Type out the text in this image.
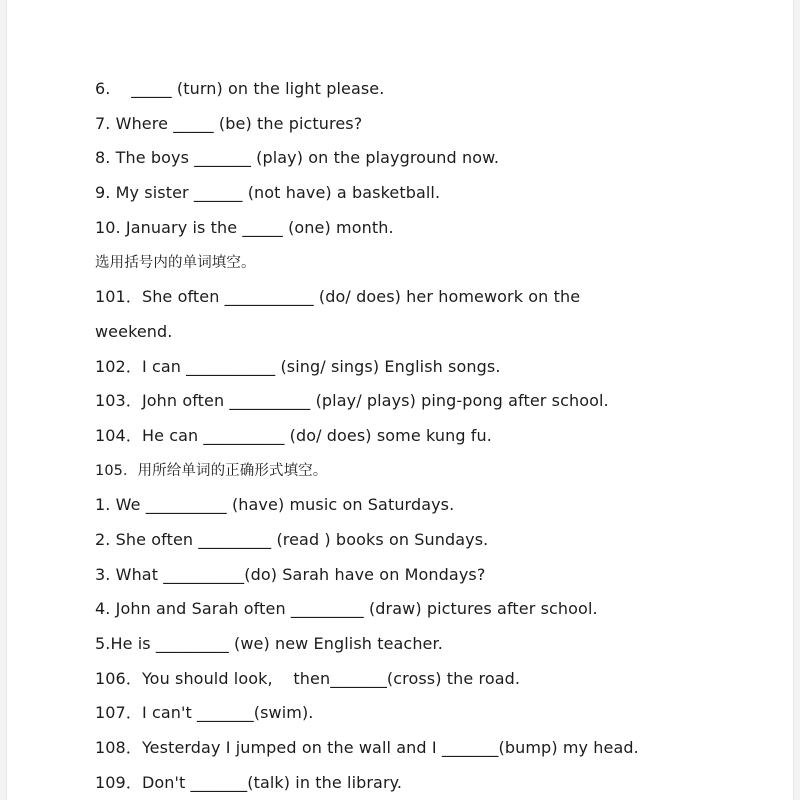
6.    _____ (turn) on the light please.
7. Where _____ (be) the pictures?
8. The boys _______ (play) on the playground now.
9. My sister ______ (not have) a basketball.
10. January is the _____ (one) month.
选用括号内的单词填空。
101．She often ___________ (do/ does) her homework on the
weekend.
102．I can ___________ (sing/ sings) English songs.
103．John often __________ (play/ plays) ping-pong after school.
104．He can __________ (do/ does) some kung fu.
105．用所给单词的正确形式填空。
1. We __________ (have) music on Saturdays.
2. She often _________ (read ) books on Sundays.
3. What __________(do) Sarah have on Mondays?
4. John and Sarah often _________ (draw) pictures after school.
5.He is _________ (we) new English teacher.
106．You should look,    then_______(cross) the road.
107．I can't _______(swim).
108．Yesterday I jumped on the wall and I _______(bump) my head.
109．Don't _______(talk) in the library.
